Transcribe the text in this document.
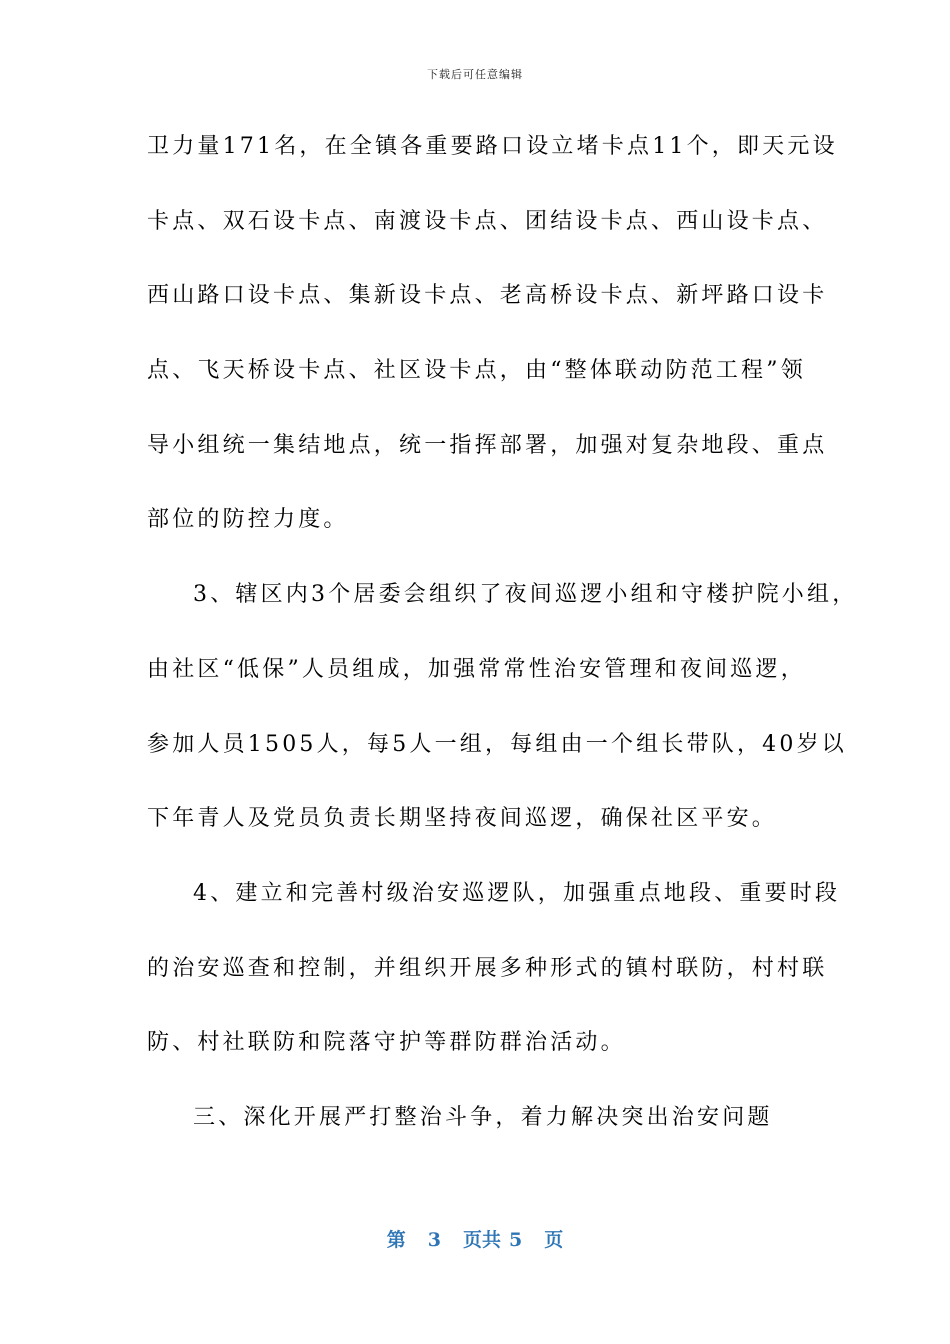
下载后可任意编辑
卫力量171名，在全镇各重要路口设立堵卡点11个，即天元设
卡点、双石设卡点、南渡设卡点、团结设卡点、西山设卡点、
西山路口设卡点、集新设卡点、老高桥设卡点、新坪路口设卡
点、飞天桥设卡点、社区设卡点，由“整体联动防范工程”领
导小组统一集结地点，统一指挥部署，加强对复杂地段、重点
部位的防控力度。
3、辖区内3个居委会组织了夜间巡逻小组和守楼护院小组，
由社区“低保”人员组成，加强常常性治安管理和夜间巡逻，
参加人员1505人，每5人一组，每组由一个组长带队，40岁以
下年青人及党员负责长期坚持夜间巡逻，确保社区平安。
4、建立和完善村级治安巡逻队，加强重点地段、重要时段
的治安巡查和控制，并组织开展多种形式的镇村联防，村村联
防、村社联防和院落守护等群防群治活动。
三、深化开展严打整治斗争，着力解决突出治安问题
第 3 页共 5 页
